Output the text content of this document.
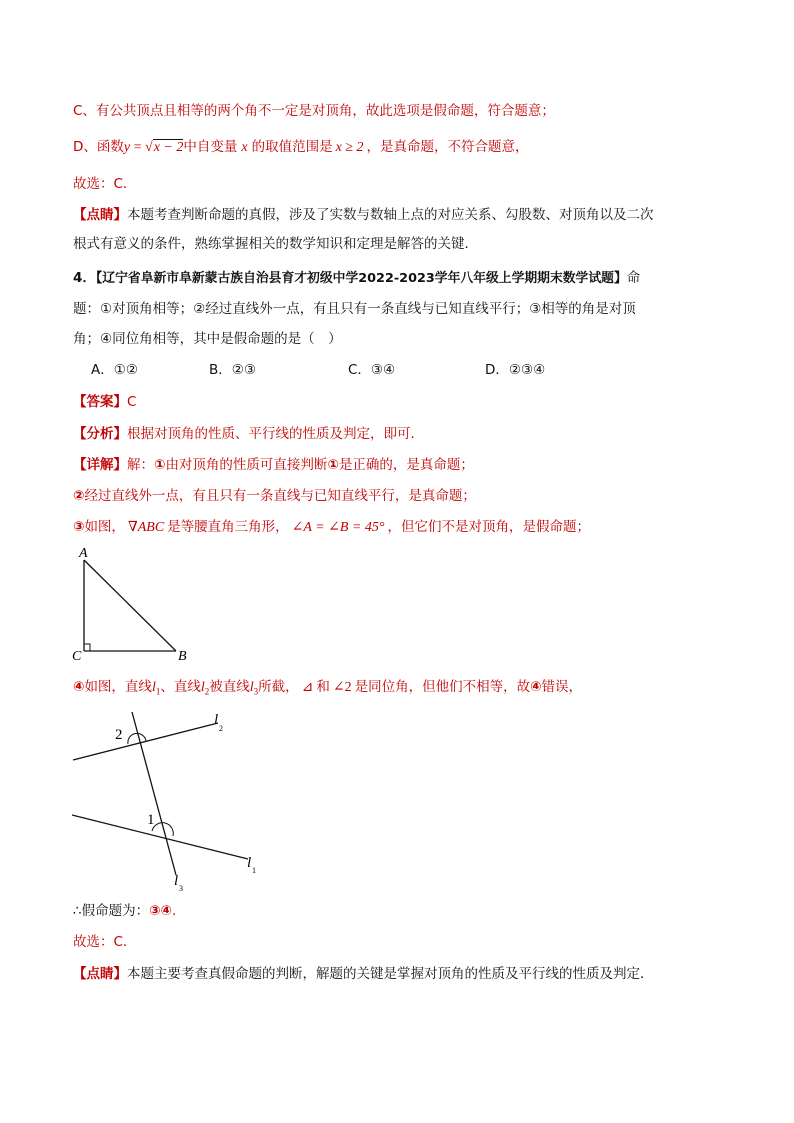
C、有公共顶点且相等的两个角不一定是对顶角，故此选项是假命题，符合题意；
D、函数y = √x − 2中自变量 x 的取值范围是 x ≥ 2 ，是真命题，不符合题意，
故选：C．
【点睛】本题考查判断命题的真假，涉及了实数与数轴上点的对应关系、勾股数、对顶角以及二次
根式有意义的条件，熟练掌握相关的数学知识和定理是解答的关键．
4．【辽宁省阜新市阜新蒙古族自治县育才初级中学2022-2023学年八年级上学期期末数学试题】命
题：①对顶角相等；②经过直线外一点，有且只有一条直线与已知直线平行；③相等的角是对顶
角；④同位角相等，其中是假命题的是（　）
A．①②	B．②③	C．③④	D．②③④
【答案】C
【分析】根据对顶角的性质、平行线的性质及判定，即可．
【详解】解：①由对顶角的性质可直接判断①是正确的，是真命题；
②经过直线外一点，有且只有一条直线与已知直线平行，是真命题；
③如图， ∇ABC 是等腰直角三角形， ∠A = ∠B = 45° ，但它们不是对顶角，是假命题；
A
C	B
④如图，直线$l_1$、直线$l_2$被直线$l_3$所截， ⊿ 和 ∠2 是同位角，但他们不相等，故④错误，
2
1
l
2
l 1
l 3
∴假命题为：③④.
故选：C．
【点睛】本题主要考查真假命题的判断，解题的关键是掌握对顶角的性质及平行线的性质及判定．
